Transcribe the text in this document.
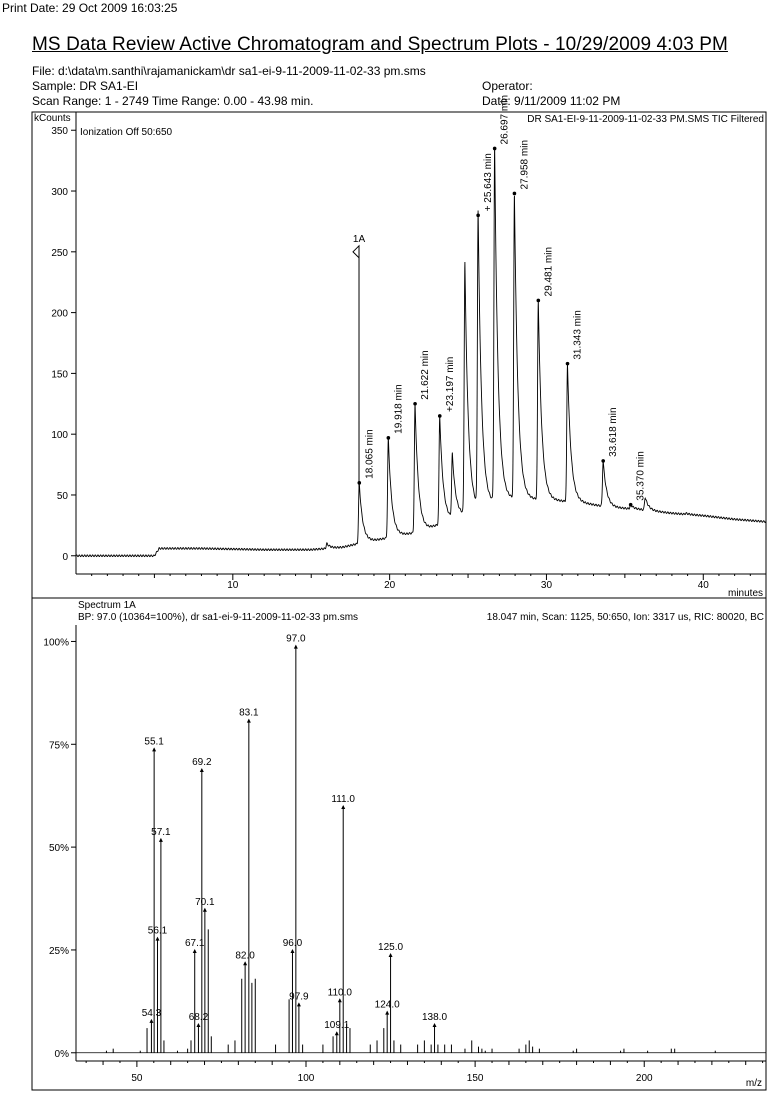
Print Date: 29 Oct 2009 16:03:25
MS Data Review Active Chromatogram and Spectrum Plots - 10/29/2009 4:03 PM
File: d:\data\m.santhi\rajamanickam\dr sa1-ei-9-11-2009-11-02-33 pm.sms
Sample: DR SA1-EI	Operator:
Scan Range: 1 - 2749 Time Range: 0.00 - 43.98 min.	Date: 9/11/2009 11:02 PM
0
50
100
150
200
250
300
350
10	20	30	40
kCounts
minutes
DR SA1-EI-9-11-2009-11-02-33 PM.SMS TIC Filtered
Ionization Off 50:650
18.065 min
19.918 min
21.622 min +23.197 min
+ 25.643 min
26.697 min
27.958 min
29.481 min
31.343 min
33.618 min
35.370 min
1A
Spectrum 1A
BP: 97.0 (10364=100%), dr sa1-ei-9-11-2009-11-02-33 pm.sms	18.047 min, Scan: 1125, 50:650, Ion: 3317 us, RIC: 80020, BC
0%
25%
50%
75%
100%
50	100	150	200	m/z
54.3
55.1
56.1
57.1
67.1
68.2
69.2
70.1
82.0
83.1
96.0
97.0
97.9
109.1
110.0
111.0
124.0
125.0
138.0
